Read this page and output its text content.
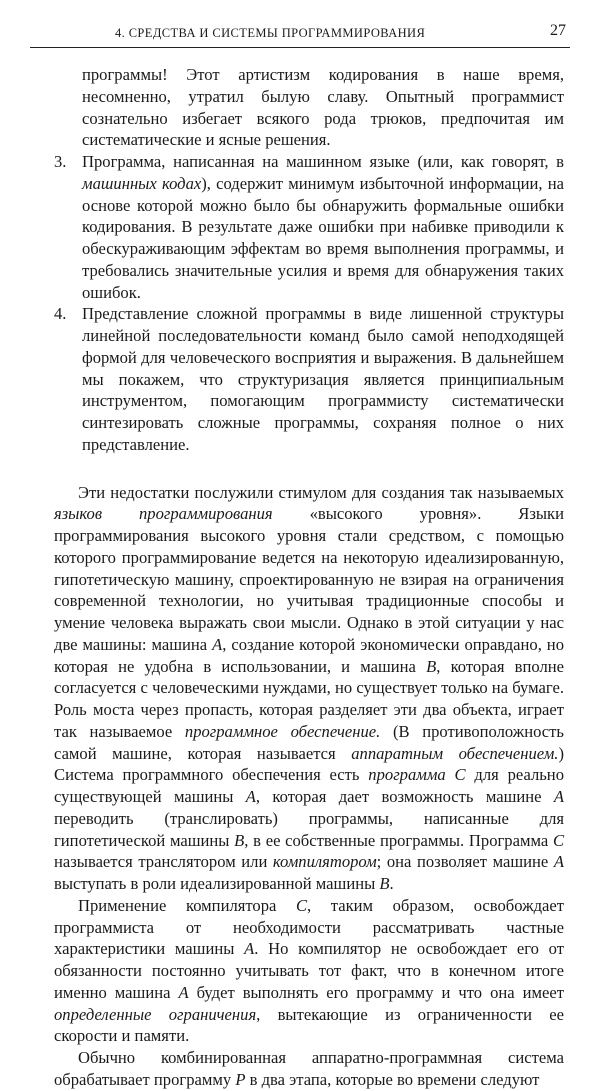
4. СРЕДСТВА И СИСТЕМЫ ПРОГРАММИРОВАНИЯ	27

программы! Этот артистизм кодирования в наше время, несомненно, утратил былую славу. Опытный программист сознательно избегает всякого рода трюков, предпочитая им систематические и ясные решения.

3. Программа, написанная на машинном языке (или, как говорят, в машинных кодах), содержит минимум избыточной информации, на основе которой можно было бы обнаружить формальные ошибки кодирования. В результате даже ошибки при набивке приводили к обескураживающим эффектам во время выполнения программы, и требовались значительные усилия и время для обнаружения таких ошибок.

4. Представление сложной программы в виде лишенной структуры линейной последовательности команд было самой неподходящей формой для человеческого восприятия и выражения. В дальнейшем мы покажем, что структуризация является принципиальным инструментом, помогающим программисту систематически синтезировать сложные программы, сохраняя полное о них представление.

Эти недостатки послужили стимулом для создания так называемых языков программирования «высокого уровня». Языки программирования высокого уровня стали средством, с помощью которого программирование ведется на некоторую идеализированную, гипотетическую машину, спроектированную не взирая на ограничения современной технологии, но учитывая традиционные способы и умение человека выражать свои мысли. Однако в этой ситуации у нас две машины: машина A, создание которой экономически оправдано, но которая не удобна в использовании, и машина B, которая вполне согласуется с человеческими нуждами, но существует только на бумаге. Роль моста через пропасть, которая разделяет эти два объекта, играет так называемое программное обеспечение. (В противоположность самой машине, которая называется аппаратным обеспечением.) Система программного обеспечения есть программа C для реально существующей машины A, которая дает возможность машине A переводить (транслировать) программы, написанные для гипотетической машины B, в ее собственные программы. Программа C называется транслятором или компилятором; она позволяет машине A выступать в роли идеализированной машины B.

Применение компилятора C, таким образом, освобождает программиста от необходимости рассматривать частные характеристики машины A. Но компилятор не освобождает его от обязанности постоянно учитывать тот факт, что в конечном итоге именно машина A будет выполнять его программу и что она имеет определенные ограничения, вытекающие из ограниченности ее скорости и памяти.

Обычно комбинированная аппаратно-программная система обрабатывает программу P в два этапа, которые во времени следуют
